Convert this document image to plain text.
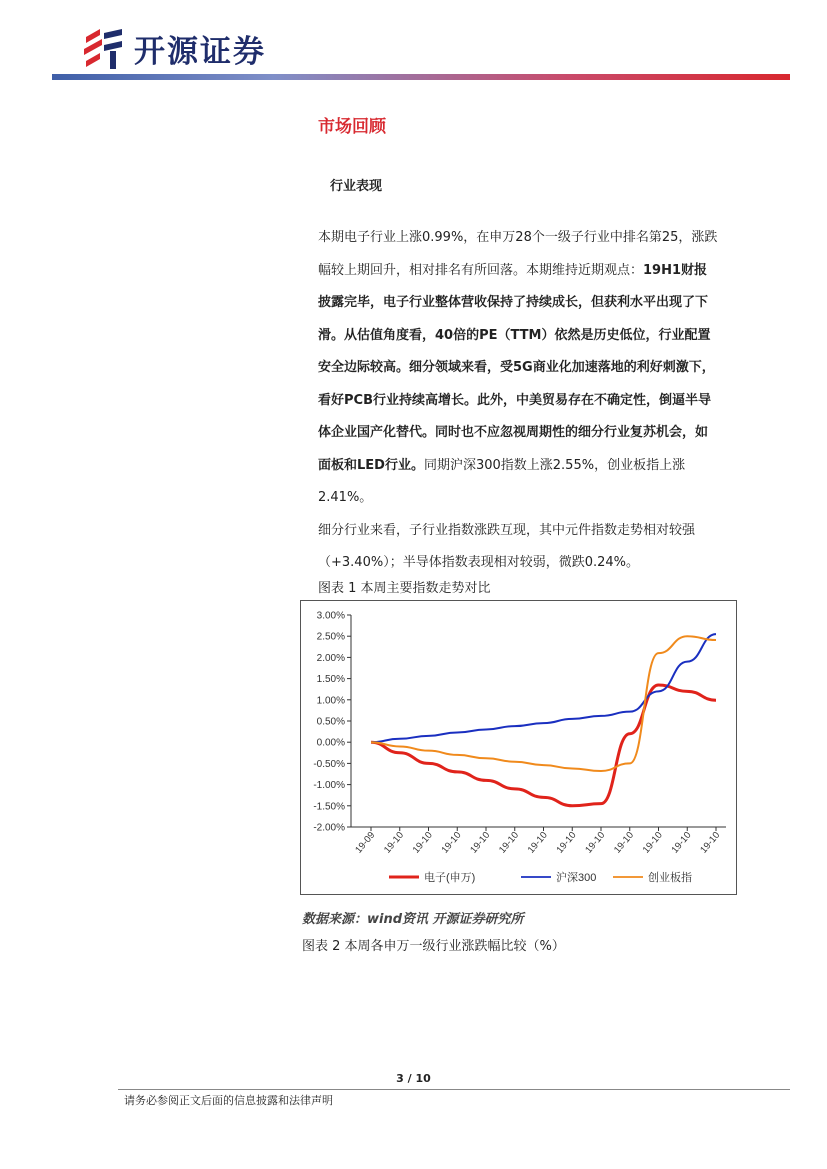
开源证券
市场回顾
行业表现

本期电子行业上涨0.99%，在申万28个一级子行业中排名第25，涨跌幅较上期回升，相对排名有所回落。本期维持近期观点：19H1财报披露完毕，电子行业整体营收保持了持续成长，但获利水平出现了下滑。从估值角度看，40倍的PE（TTM）依然是历史低位，行业配置安全边际较高。细分领域来看，受5G商业化加速落地的利好刺激下，看好PCB行业持续高增长。此外，中美贸易存在不确定性，倒逼半导体企业国产化替代。同时也不应忽视周期性的细分行业复苏机会，如面板和LED行业。同期沪深300指数上涨2.55%，创业板指上涨2.41%。

细分行业来看，子行业指数涨跌互现，其中元件指数走势相对较强（+3.40%）；半导体指数表现相对较弱，微跌0.24%。

图表 1 本周主要指数走势对比
3.00%
2.50%
2.00%
1.50%
1.00%
0.50%
0.00%
-0.50%
-1.00%
-1.50%
-2.00%
19-09 19-10 19-10 19-10 19-10 19-10 19-10 19-10 19-10 19-10 19-10 19-10 19-10
电子(申万)	沪深300	创业板指
数据来源：wind资讯 开源证券研究所
图表 2 本周各申万一级行业涨跌幅比较（%）
3 / 10
请务必参阅正文后面的信息披露和法律声明
